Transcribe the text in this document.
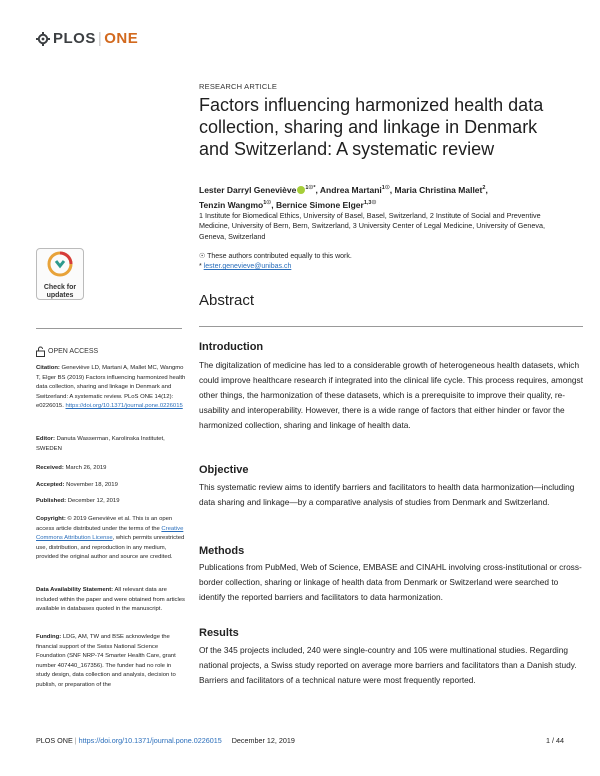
PLOS | ONE
RESEARCH ARTICLE
Factors influencing harmonized health data collection, sharing and linkage in Denmark and Switzerland: A systematic review
Lester Darryl Geneviève $^{1☉*}$, Andrea Martani$^{1☉}$, Maria Christina Mallet$^2$,
Tenzin Wangmo$^{1☉}$, Bernice Simone Elger$^{1,3☉}$
1 Institute for Biomedical Ethics, University of Basel, Basel, Switzerland, 2 Institute of Social and Preventive Medicine, University of Bern, Bern, Switzerland, 3 University Center of Legal Medicine, University of Geneva, Geneva, Switzerland
☉ These authors contributed equally to this work.
* lester.genevieve@unibas.ch
Abstract
Introduction
The digitalization of medicine has led to a considerable growth of heterogeneous health datasets, which could improve healthcare research if integrated into the clinical life cycle. This process requires, amongst other things, the harmonization of these datasets, which is a prerequisite to improve their quality, re-usability and interoperability. However, there is a wide range of factors that either hinder or favor the harmonized collection, sharing and linkage of health data.
Objective
This systematic review aims to identify barriers and facilitators to health data harmonization—including data sharing and linkage—by a comparative analysis of studies from Denmark and Switzerland.
Methods
Publications from PubMed, Web of Science, EMBASE and CINAHL involving cross-institutional or cross-border collection, sharing or linkage of health data from Denmark or Switzerland were searched to identify the reported barriers and facilitators to data harmonization.
Results
Of the 345 projects included, 240 were single-country and 105 were multinational studies. Regarding national projects, a Swiss study reported on average more barriers and facilitators than a Danish study. Barriers and facilitators of a technical nature were most frequently reported.
Check for updates
OPEN ACCESS
Citation: Geneviève LD, Martani A, Mallet MC, Wangmo T, Elger BS (2019) Factors influencing harmonized health data collection, sharing and linkage in Denmark and Switzerland: A systematic review. PLoS ONE 14(12): e0226015. https://doi.org/10.1371/journal.pone.0226015
Editor: Danuta Wasserman, Karolinska Institutet, SWEDEN
Received: March 26, 2019
Accepted: November 18, 2019
Published: December 12, 2019
Copyright: © 2019 Geneviève et al. This is an open access article distributed under the terms of the Creative Commons Attribution License, which permits unrestricted use, distribution, and reproduction in any medium, provided the original author and source are credited.
Data Availability Statement: All relevant data are included within the paper and were obtained from articles available in databases quoted in the manuscript.
Funding: LDG, AM, TW and BSE acknowledge the financial support of the Swiss National Science Foundation (SNF NRP-74 Smarter Health Care, grant number 407440_167356). The funder had no role in study design, data collection and analysis, decision to publish, or preparation of the
PLOS ONE | https://doi.org/10.1371/journal.pone.0226015 December 12, 2019	1 / 44
